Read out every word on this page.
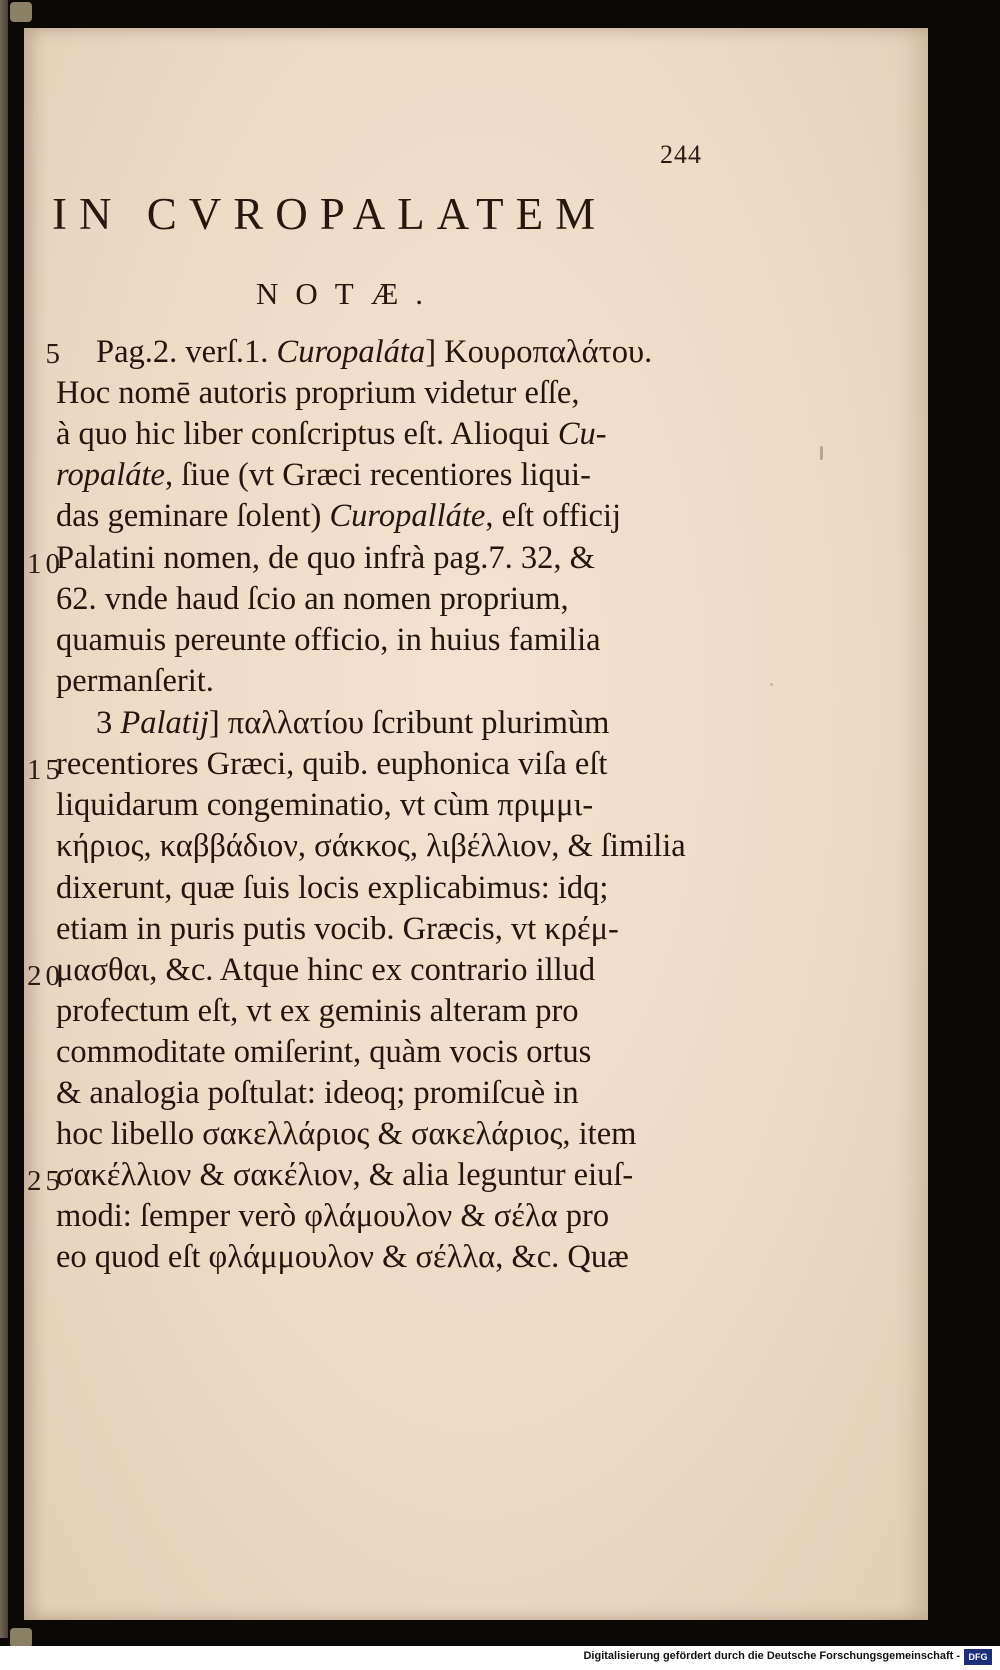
244
IN CVROPALATEM
NOTÆ.
5
10
15
20
25
Pag.2. verſ.1. Curopaláta] Κουροπαλάτου.
Hoc nomē autoris proprium videtur eſſe,
à quo hic liber conſcriptus eſt. Alioqui Cu-
ropaláte, ſiue (vt Græci recentiores liqui-
das geminare ſolent) Curopalláte, eſt officij
Palatini nomen, de quo infrà pag.7. 32, &
62. vnde haud ſcio an nomen proprium,
quamuis pereunte officio, in huius familia
permanſerit.
3 Palatij] παλλατίου ſcribunt plurimùm
recentiores Græci, quib. euphonica viſa eſt
liquidarum congeminatio, vt cùm πριμμι-
κήριος, καββάδιον, σάκκος, λιβέλλιον, & ſimilia
dixerunt, quæ ſuis locis explicabimus: idq;
etiam in puris putis vocib. Græcis, vt κρέμ-
μασθαι, &c. Atque hinc ex contrario illud
profectum eſt, vt ex geminis alteram pro
commoditate omiſerint, quàm vocis ortus
& analogia poſtulat: ideoq; promiſcuè in
hoc libello σακελλάριος & σακελάριος, item
σακέλλιον & σακέλιον, & alia leguntur eiuſ-
modi: ſemper verò φλάμουλον & σέλα pro
eo quod eſt φλάμμουλον & σέλλα, &c. Quæ
Digitalisierung gefördert durch die Deutsche Forschungsgemeinschaft - DFG
